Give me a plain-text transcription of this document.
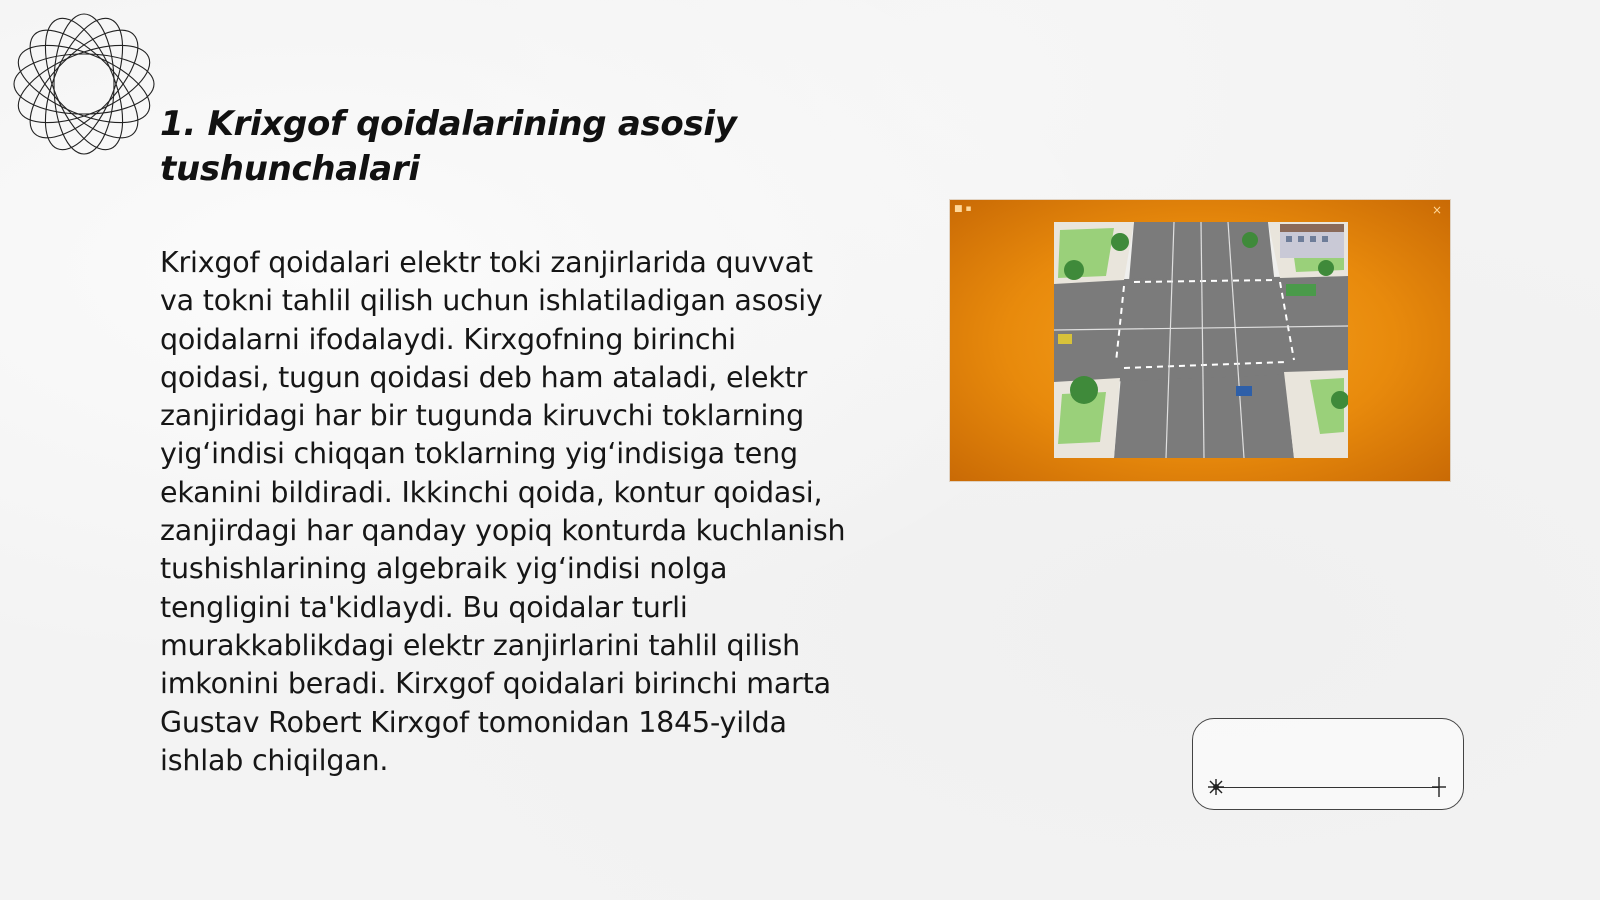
1. Krixgof qoidalarining asosiy tushunchalari

Krixgof qoidalari elektr toki zanjirlarida quvvat va tokni tahlil qilish uchun ishlatiladigan asosiy qoidalarni ifodalaydi. Kirxgofning birinchi qoidasi, tugun qoidasi deb ham ataladi, elektr zanjiridagi har bir tugunda kiruvchi toklarning yig‘indisi chiqqan toklarning yig‘indisiga teng ekanini bildiradi. Ikkinchi qoida, kontur qoidasi, zanjirdagi har qanday yopiq konturda kuchlanish tushishlarining algebraik yig‘indisi nolga tengligini ta'kidlaydi. Bu qoidalar turli murakkablikdagi elektr zanjirlarini tahlil qilish imkonini beradi. Kirxgof qoidalari birinchi marta Gustav Robert Kirxgof tomonidan 1845-yilda ishlab chiqilgan.

■ ▪	×
